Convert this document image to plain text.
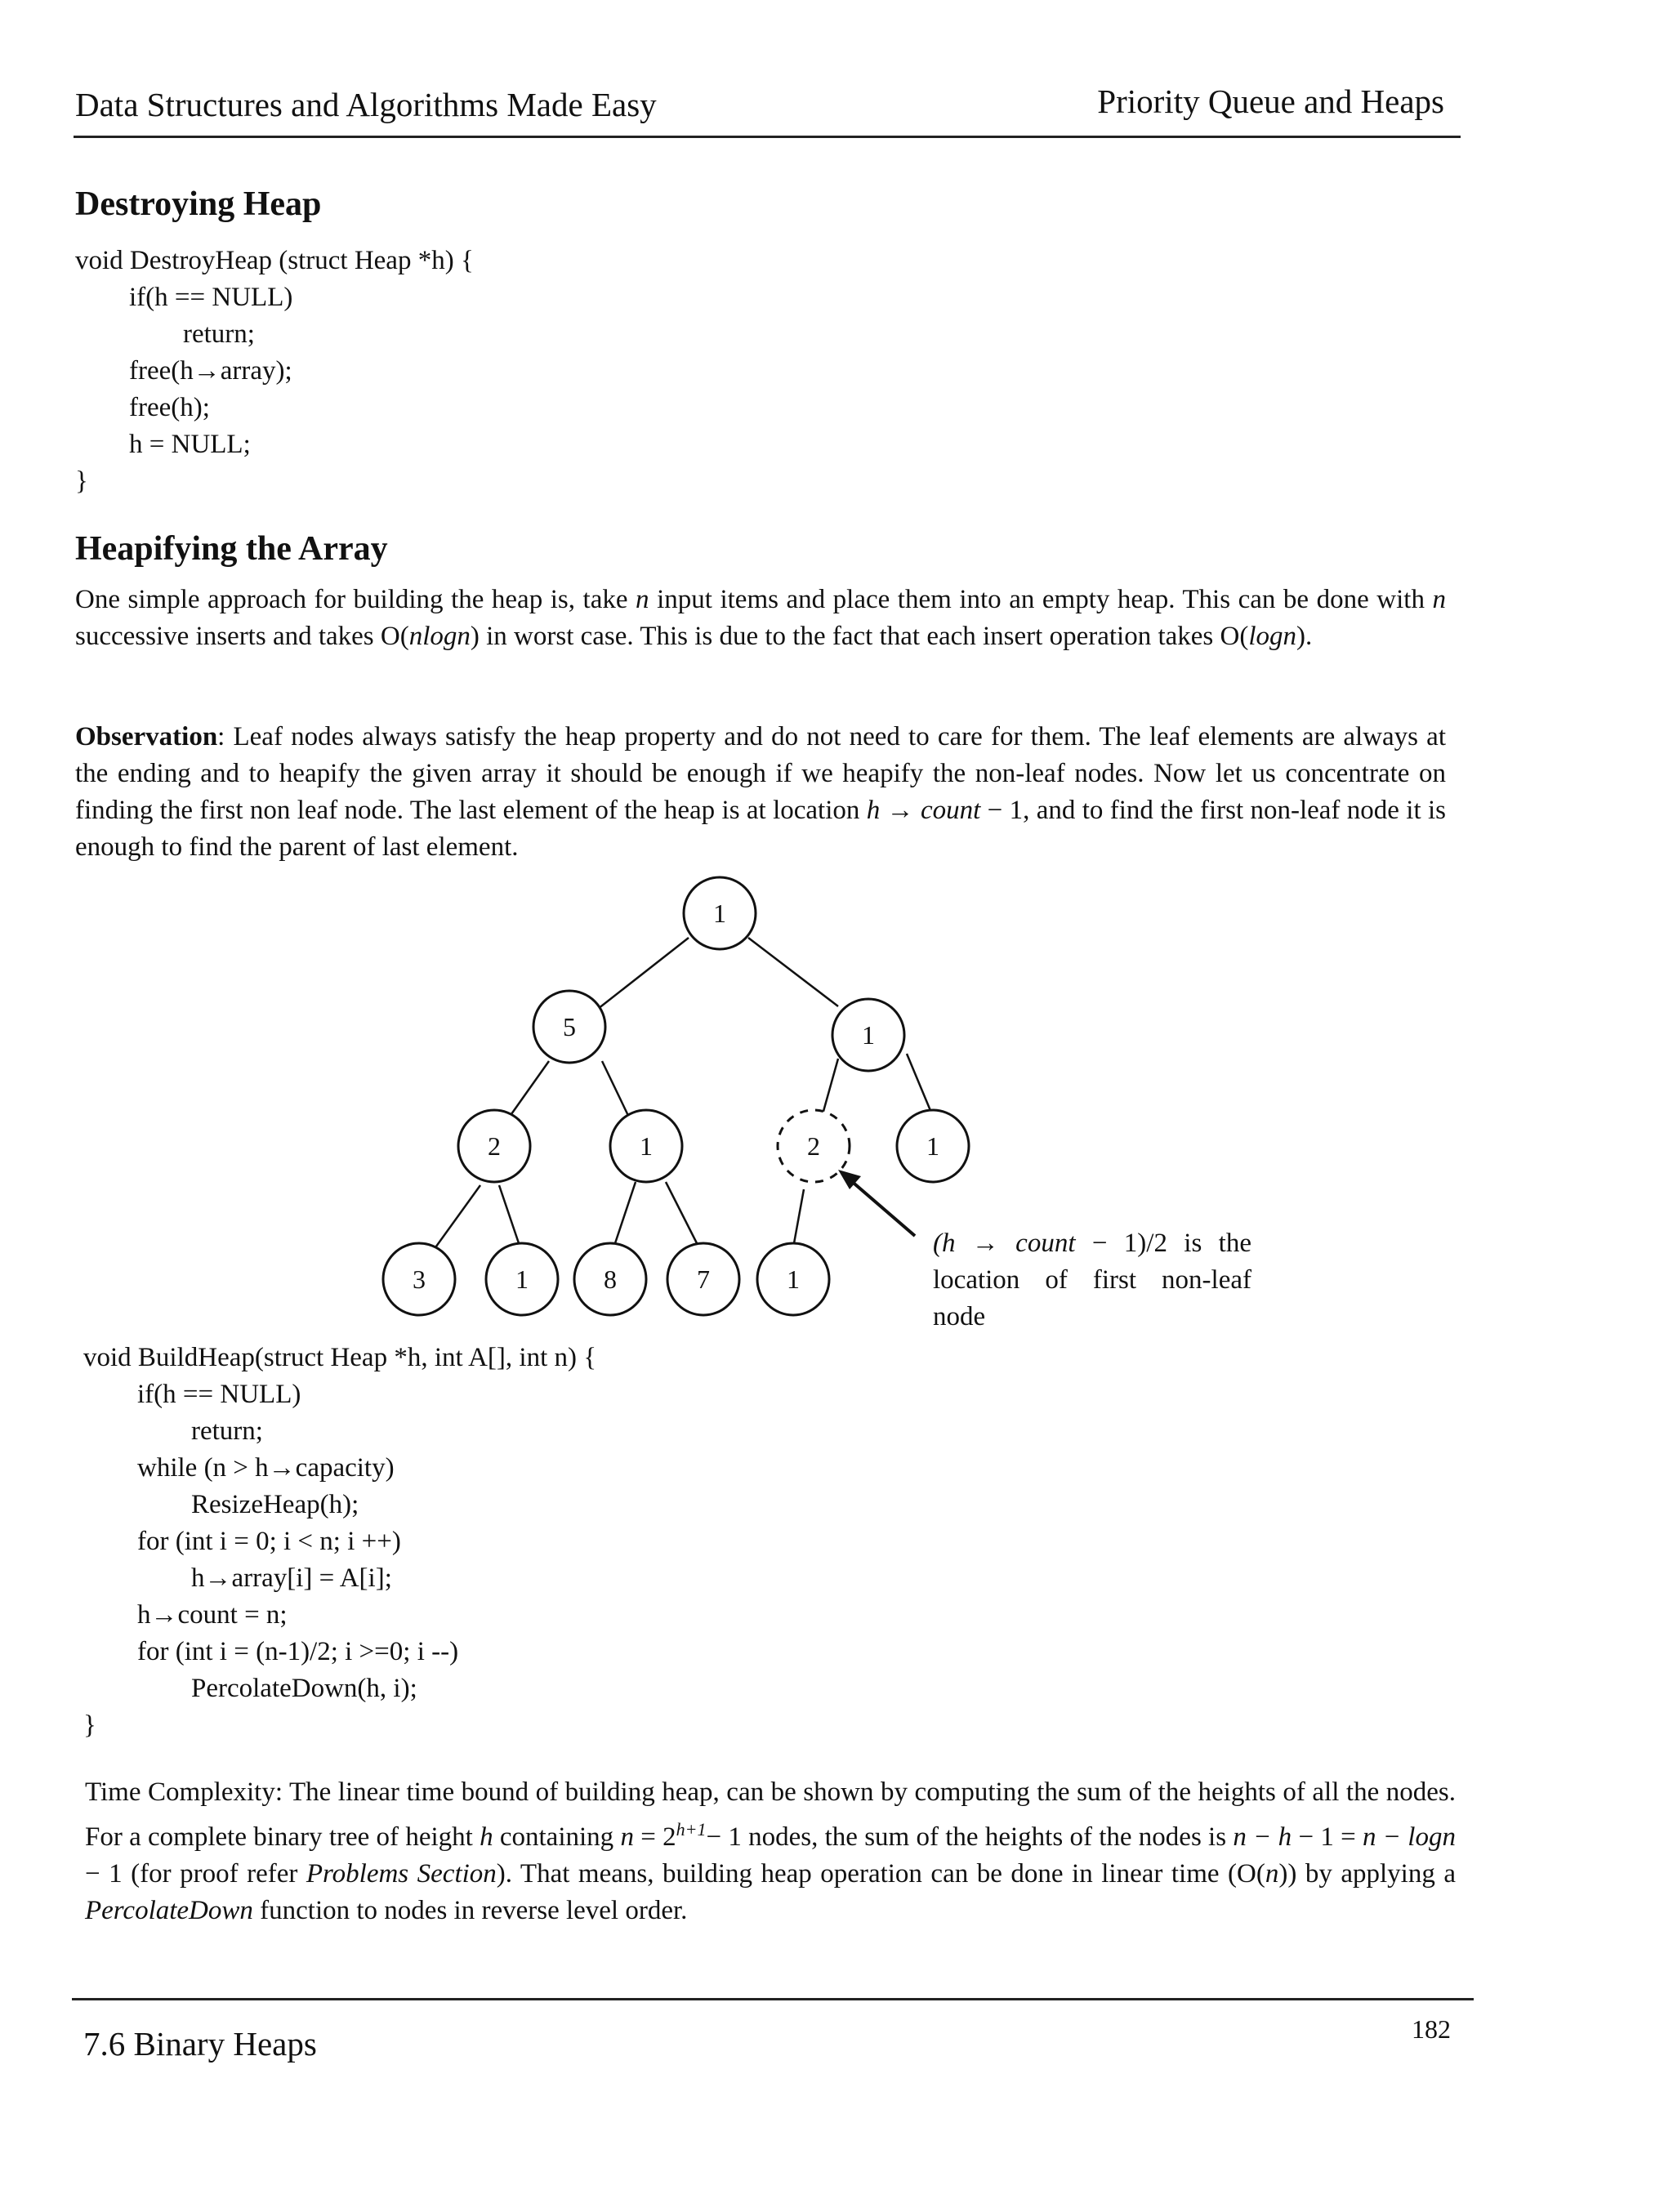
Data Structures and Algorithms Made Easy	Priority Queue and Heaps
Destroying Heap
void DestroyHeap (struct Heap *h) {
if(h == NULL)
return;
free(h→array);
free(h);
h = NULL;
}
Heapifying the Array

One simple approach for building the heap is, take n input items and place them into an empty heap. This can be done with n successive inserts and takes O(nlogn) in worst case. This is due to the fact that each insert operation takes O(logn).

Observation: Leaf nodes always satisfy the heap property and do not need to care for them. The leaf elements are always at the ending and to heapify the given array it should be enough if we heapify the non-leaf nodes. Now let us concentrate on finding the first non leaf node. The last element of the heap is at location h → count − 1, and to find the first non-leaf node it is enough to find the parent of last element.

1
5	1
2	1	2	1
3	1	8	7	1

(h → count − 1)/2 is the location of first non-leaf node

void BuildHeap(struct Heap *h, int A[], int n) {
if(h == NULL)
return;
while (n > h→capacity)
ResizeHeap(h);
for (int i = 0; i < n; i ++)
h→array[i] = A[i];
h→count = n;
for (int i = (n-1)/2; i >=0; i --)
PercolateDown(h, i);
}

Time Complexity: The linear time bound of building heap, can be shown by computing the sum of the heights of all the nodes. For a complete binary tree of height h containing $n = 2^{h+1}- 1$ nodes, the sum of the heights of the nodes is n − h − 1 = n − logn − 1 (for proof refer Problems Section). That means, building heap operation can be done in linear time (O(n)) by applying a PercolateDown function to nodes in reverse level order.

7.6 Binary Heaps	182
